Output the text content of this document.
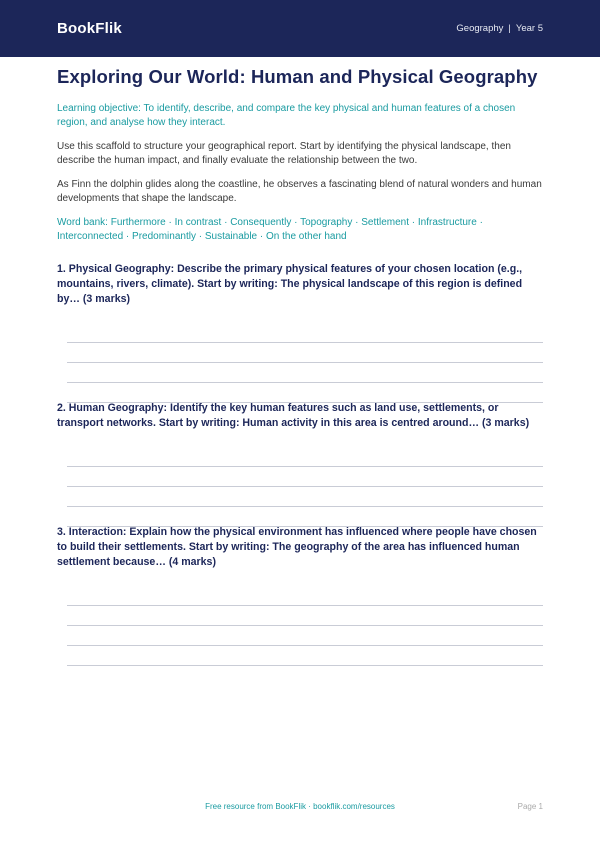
BookFlik	Geography | Year 5
Exploring Our World: Human and Physical Geography

Learning objective: To identify, describe, and compare the key physical and human features of a chosen region, and analyse how they interact.

Use this scaffold to structure your geographical report. Start by identifying the physical landscape, then describe the human impact, and finally evaluate the relationship between the two.

As Finn the dolphin glides along the coastline, he observes a fascinating blend of natural wonders and human developments that shape the landscape.

Word bank: Furthermore · In contrast · Consequently · Topography · Settlement · Infrastructure · Interconnected · Predominantly · Sustainable · On the other hand

1. Physical Geography: Describe the primary physical features of your chosen location (e.g., mountains, rivers, climate). Start by writing: The physical landscape of this region is defined by… (3 marks)
2. Human Geography: Identify the key human features such as land use, settlements, or transport networks. Start by writing: Human activity in this area is centred around… (3 marks)
3. Interaction: Explain how the physical environment has influenced where people have chosen to build their settlements. Start by writing: The geography of the area has influenced human settlement because… (4 marks)
Free resource from BookFlik · bookflik.com/resources	Page 1
